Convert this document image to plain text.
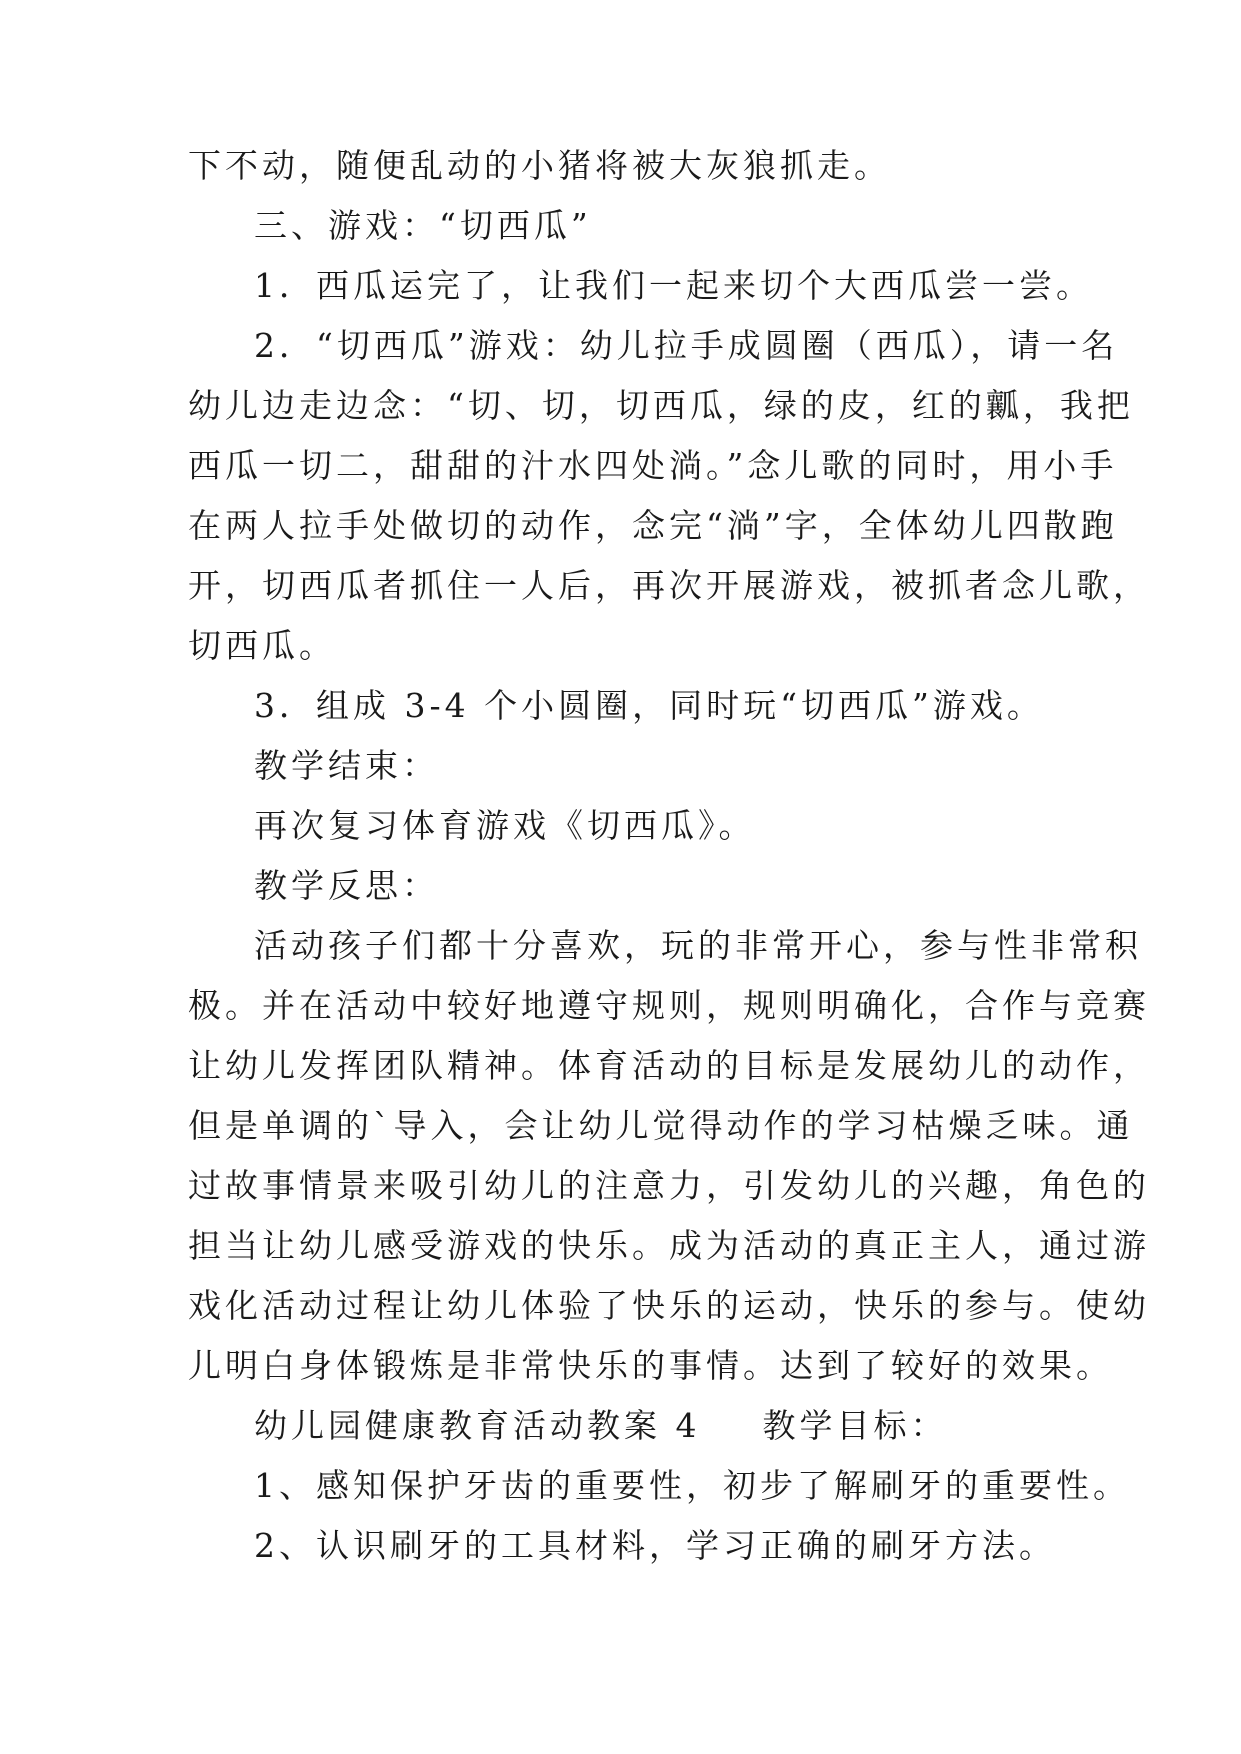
下不动，随便乱动的小猪将被大灰狼抓走。
三、游戏：“切西瓜”
1．西瓜运完了，让我们一起来切个大西瓜尝一尝。
2．“切西瓜”游戏：幼儿拉手成圆圈（西瓜），请一名
幼儿边走边念：“切、切，切西瓜，绿的皮，红的瓤，我把
西瓜一切二，甜甜的汁水四处淌。”念儿歌的同时，用小手
在两人拉手处做切的动作，念完“淌”字，全体幼儿四散跑
开，切西瓜者抓住一人后，再次开展游戏，被抓者念儿歌，
切西瓜。
3．组成 3-4 个小圆圈，同时玩“切西瓜”游戏。
教学结束：
再次复习体育游戏《切西瓜》。
教学反思：
活动孩子们都十分喜欢，玩的非常开心，参与性非常积
极。并在活动中较好地遵守规则，规则明确化，合作与竞赛
让幼儿发挥团队精神。体育活动的目标是发展幼儿的动作，
但是单调的`导入，会让幼儿觉得动作的学习枯燥乏味。通
过故事情景来吸引幼儿的注意力，引发幼儿的兴趣，角色的
担当让幼儿感受游戏的快乐。成为活动的真正主人，通过游
戏化活动过程让幼儿体验了快乐的运动，快乐的参与。使幼
儿明白身体锻炼是非常快乐的事情。达到了较好的效果。
幼儿园健康教育活动教案 4 教学目标：
1、感知保护牙齿的重要性，初步了解刷牙的重要性。
2、认识刷牙的工具材料，学习正确的刷牙方法。
